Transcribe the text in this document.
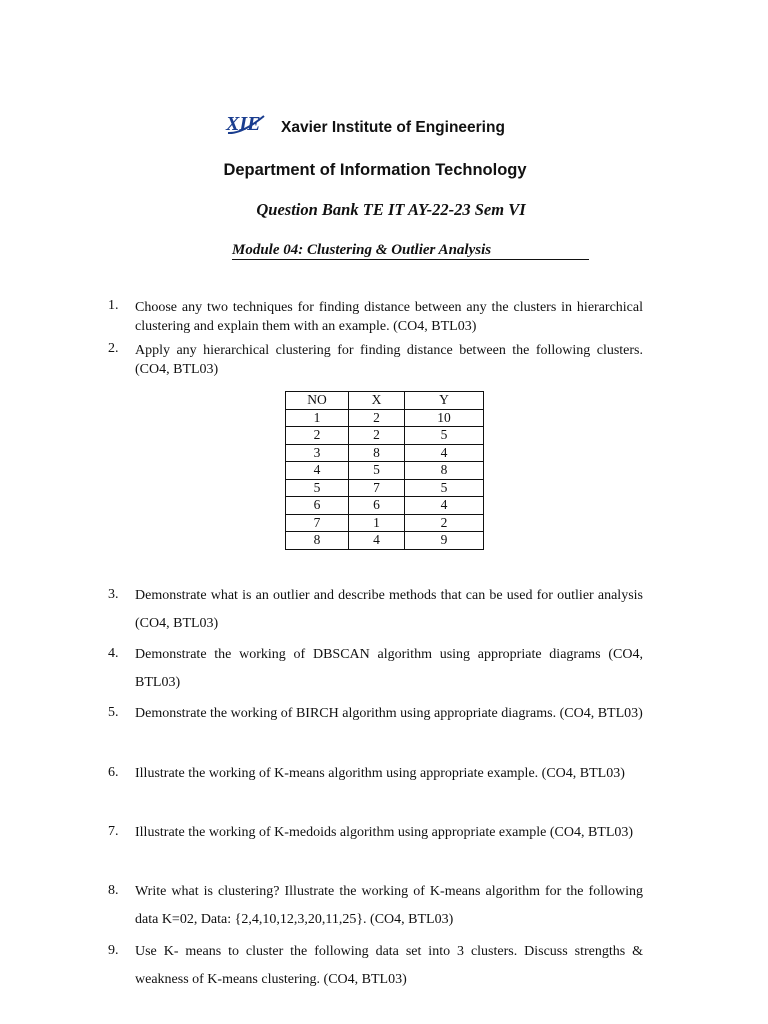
XIE Xavier Institute of Engineering
Department of Information Technology
Question Bank TE IT AY-22-23 Sem VI
Module 04: Clustering & Outlier Analysis
1.	Choose any two techniques for finding distance between any the clusters in hierarchical clustering and explain them with an example. (CO4, BTL03)
2.	Apply any hierarchical clustering for finding distance between the following clusters. (CO4, BTL03)
NO	X	Y
1	2	10
2	2	5
3	8	4
4	5	8
5	7	5
6	6	4
7	1	2
8	4	9
3.	Demonstrate what is an outlier and describe methods that can be used for outlier analysis (CO4, BTL03)
4.	Demonstrate the working of DBSCAN algorithm using appropriate diagrams (CO4, BTL03)
5.	Demonstrate the working of BIRCH algorithm using appropriate diagrams. (CO4, BTL03)
6.	Illustrate the working of K-means algorithm using appropriate example. (CO4, BTL03)
7.	Illustrate the working of K-medoids algorithm using appropriate example (CO4, BTL03)
8.	Write what is clustering? Illustrate the working of K-means algorithm for the following data K=02, Data: {2,4,10,12,3,20,11,25}. (CO4, BTL03)
9.	Use K- means to cluster the following data set into 3 clusters. Discuss strengths & weakness of K-means clustering. (CO4, BTL03)
